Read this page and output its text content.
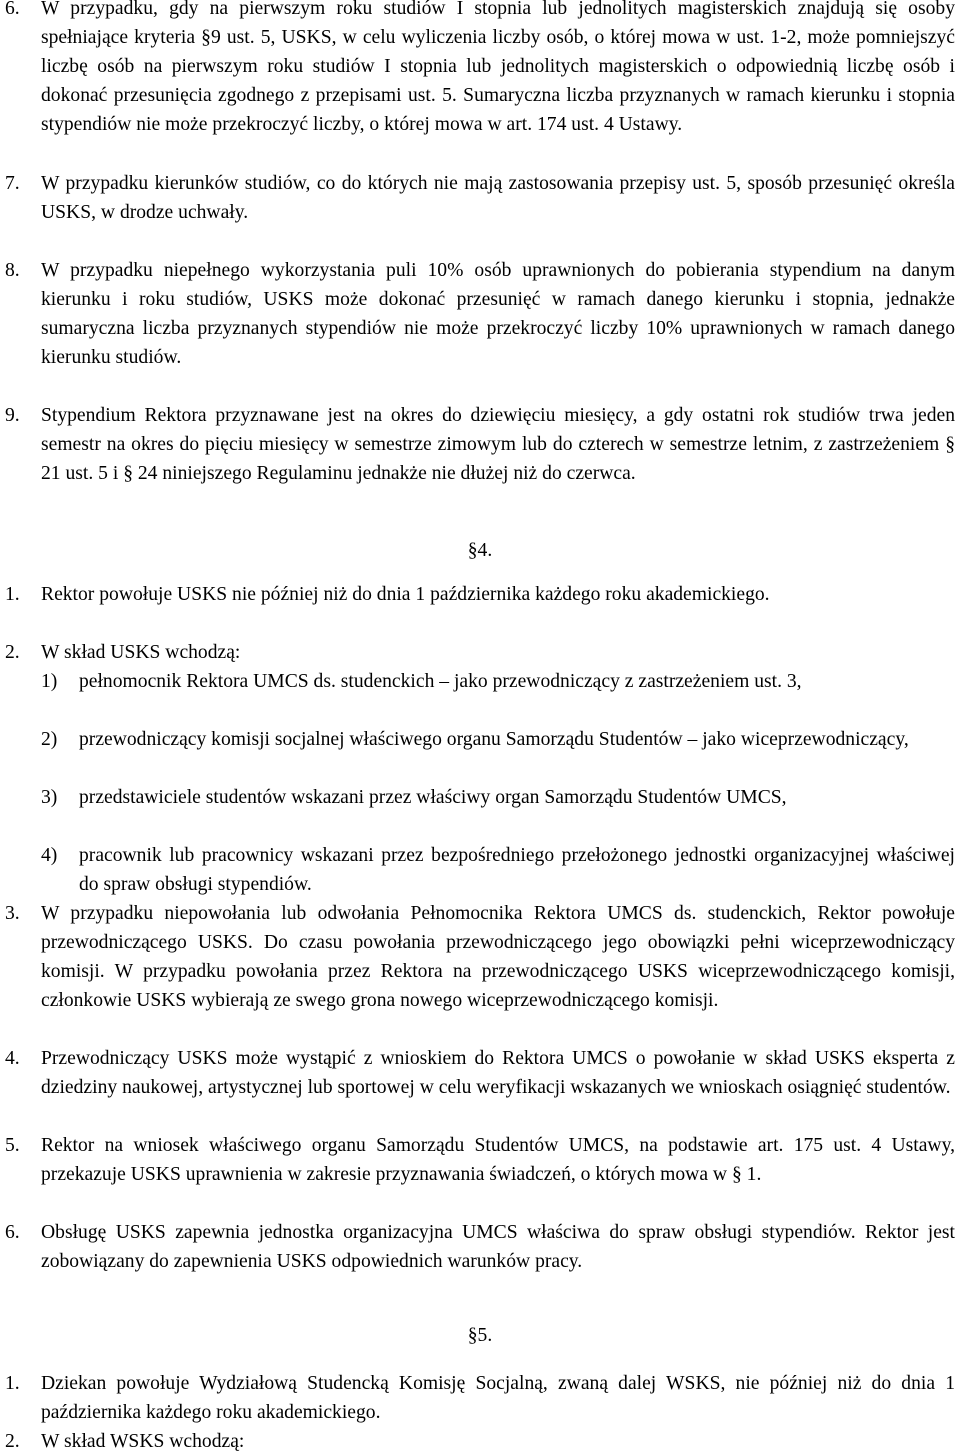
6. W przypadku, gdy na pierwszym roku studiów I stopnia lub jednolitych magisterskich znajdują się osoby spełniające kryteria §9 ust. 5, USKS, w celu wyliczenia liczby osób, o której mowa w ust. 1-2, może pomniejszyć liczbę osób na pierwszym roku studiów I stopnia lub jednolitych magisterskich o odpowiednią liczbę osób i dokonać przesunięcia zgodnego z przepisami ust. 5. Sumaryczna liczba przyznanych w ramach kierunku i stopnia stypendiów nie może przekroczyć liczby, o której mowa w art. 174 ust. 4 Ustawy.
7. W przypadku kierunków studiów, co do których nie mają zastosowania przepisy ust. 5, sposób przesunięć określa USKS, w drodze uchwały.
8. W przypadku niepełnego wykorzystania puli 10% osób uprawnionych do pobierania stypendium na danym kierunku i roku studiów, USKS może dokonać przesunięć w ramach danego kierunku i stopnia, jednakże sumaryczna liczba przyznanych stypendiów nie może przekroczyć liczby 10% uprawnionych w ramach danego kierunku studiów.
9. Stypendium Rektora przyznawane jest na okres do dziewięciu miesięcy, a gdy ostatni rok studiów trwa jeden semestr na okres do pięciu miesięcy w semestrze zimowym lub do czterech w semestrze letnim, z zastrzeżeniem § 21 ust. 5 i § 24 niniejszego Regulaminu jednakże nie dłużej niż do czerwca.
§4.
1. Rektor powołuje USKS nie później niż do dnia 1 października każdego roku akademickiego.
2. W skład USKS wchodzą:
1) pełnomocnik Rektora UMCS ds. studenckich – jako przewodniczący z zastrzeżeniem ust. 3,
2) przewodniczący komisji socjalnej właściwego organu Samorządu Studentów – jako wiceprzewodniczący,
3) przedstawiciele studentów wskazani przez właściwy organ Samorządu Studentów UMCS,
4) pracownik lub pracownicy wskazani przez bezpośredniego przełożonego jednostki organizacyjnej właściwej do spraw obsługi stypendiów.
3. W przypadku niepowołania lub odwołania Pełnomocnika Rektora UMCS ds. studenckich, Rektor powołuje przewodniczącego USKS. Do czasu powołania przewodniczącego jego obowiązki pełni wiceprzewodniczący komisji. W przypadku powołania przez Rektora na przewodniczącego USKS wiceprzewodniczącego komisji, członkowie USKS wybierają ze swego grona nowego wiceprzewodniczącego komisji.
4. Przewodniczący USKS może wystąpić z wnioskiem do Rektora UMCS o powołanie w skład USKS eksperta z dziedziny naukowej, artystycznej lub sportowej w celu weryfikacji wskazanych we wnioskach osiągnięć studentów.
5. Rektor na wniosek właściwego organu Samorządu Studentów UMCS, na podstawie art. 175 ust. 4 Ustawy, przekazuje USKS uprawnienia w zakresie przyznawania świadczeń, o których mowa w § 1.
6. Obsługę USKS zapewnia jednostka organizacyjna UMCS właściwa do spraw obsługi stypendiów. Rektor jest zobowiązany do zapewnienia USKS odpowiednich warunków pracy.
§5.
1. Dziekan powołuje Wydziałową Studencką Komisję Socjalną, zwaną dalej WSKS, nie później niż do dnia 1 października każdego roku akademickiego.
2. W skład WSKS wchodzą:
